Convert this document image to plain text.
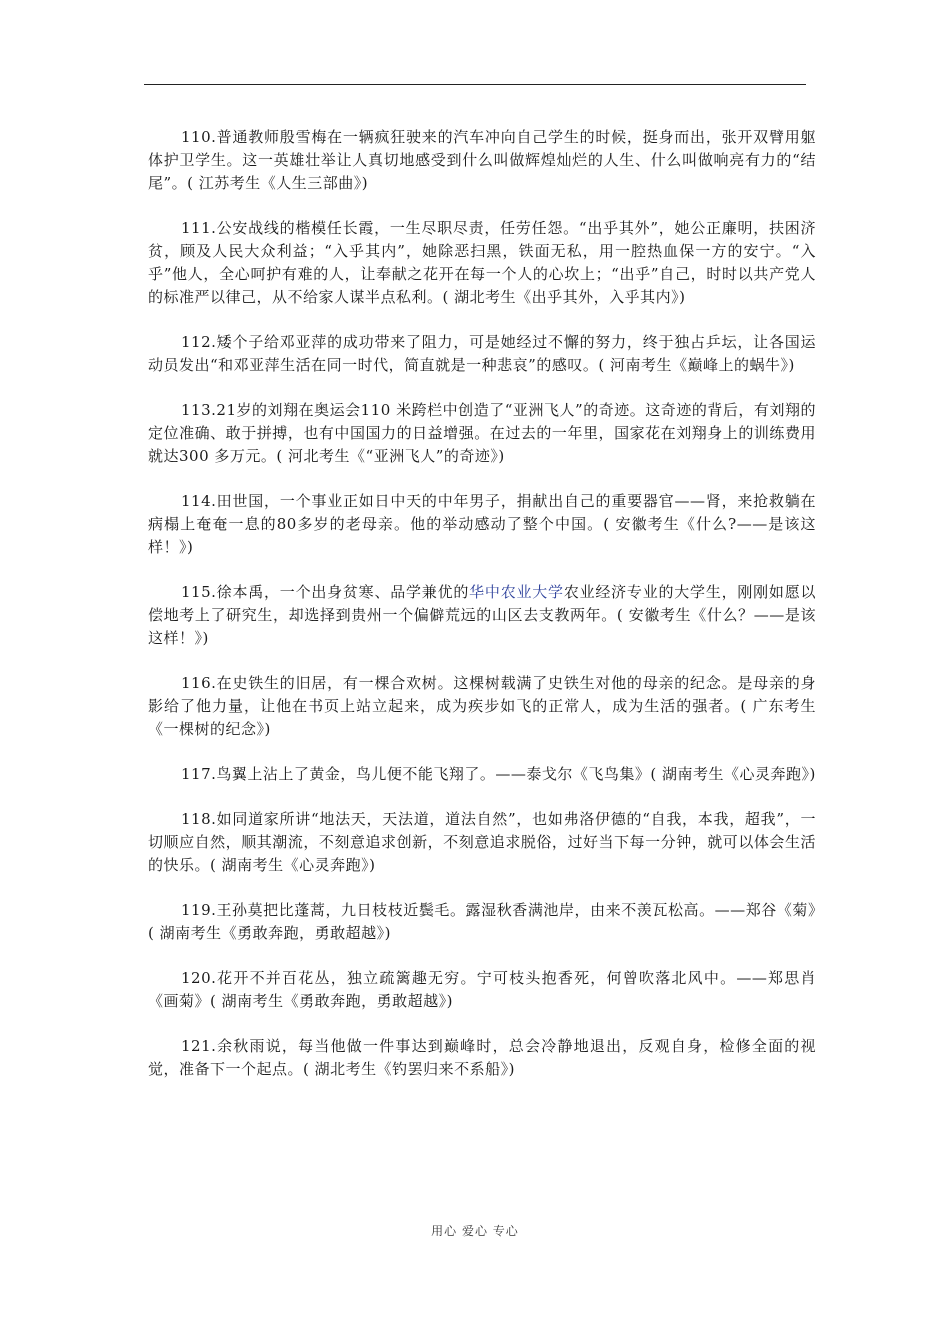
110.普通教师殷雪梅在一辆疯狂驶来的汽车冲向自己学生的时候，挺身而出，张开双臂用躯体护卫学生。这一英雄壮举让人真切地感受到什么叫做辉煌灿烂的人生、什么叫做响亮有力的“结尾”。( 江苏考生《人生三部曲》)

111.公安战线的楷模任长霞，一生尽职尽责，任劳任怨。“出乎其外”，她公正廉明，扶困济贫，顾及人民大众利益；“入乎其内”，她除恶扫黑，铁面无私，用一腔热血保一方的安宁。“入乎”他人，全心呵护有难的人，让奉献之花开在每一个人的心坎上；“出乎”自己，时时以共产党人的标准严以律己，从不给家人谋半点私利。( 湖北考生《出乎其外，入乎其内》)

112.矮个子给邓亚萍的成功带来了阻力，可是她经过不懈的努力，终于独占乒坛，让各国运动员发出“和邓亚萍生活在同一时代，简直就是一种悲哀”的感叹。( 河南考生《巅峰上的蜗牛》)

113.21岁的刘翔在奥运会110 米跨栏中创造了“亚洲飞人”的奇迹。这奇迹的背后，有刘翔的定位准确、敢于拼搏，也有中国国力的日益增强。在过去的一年里，国家花在刘翔身上的训练费用就达300 多万元。( 河北考生《“亚洲飞人”的奇迹》)

114.田世国，一个事业正如日中天的中年男子，捐献出自己的重要器官——肾，来抢救躺在病榻上奄奄一息的80多岁的老母亲。他的举动感动了整个中国。( 安徽考生《什么?——是该这样！》)

115.徐本禹，一个出身贫寒、品学兼优的华中农业大学农业经济专业的大学生，刚刚如愿以偿地考上了研究生，却选择到贵州一个偏僻荒远的山区去支教两年。( 安徽考生《什么？——是该这样！》)

116.在史铁生的旧居，有一棵合欢树。这棵树载满了史铁生对他的母亲的纪念。是母亲的身影给了他力量，让他在书页上站立起来，成为疾步如飞的正常人，成为生活的强者。( 广东考生《一棵树的纪念》)

117.鸟翼上沾上了黄金，鸟儿便不能飞翔了。——泰戈尔《飞鸟集》( 湖南考生《心灵奔跑》)

118.如同道家所讲“地法天，天法道，道法自然”，也如弗洛伊德的“自我，本我，超我”，一切顺应自然，顺其潮流，不刻意追求创新，不刻意追求脱俗，过好当下每一分钟，就可以体会生活的快乐。( 湖南考生《心灵奔跑》)

119.王孙莫把比蓬蒿，九日枝枝近鬓毛。露湿秋香满池岸，由来不羡瓦松高。——郑谷《菊》( 湖南考生《勇敢奔跑，勇敢超越》)

120.花开不并百花丛，独立疏篱趣无穷。宁可枝头抱香死，何曾吹落北风中。——郑思肖《画菊》( 湖南考生《勇敢奔跑，勇敢超越》)

121.余秋雨说，每当他做一件事达到巅峰时，总会冷静地退出，反观自身，检修全面的视觉，准备下一个起点。( 湖北考生《钓罢归来不系船》)

用心 爱心 专心
